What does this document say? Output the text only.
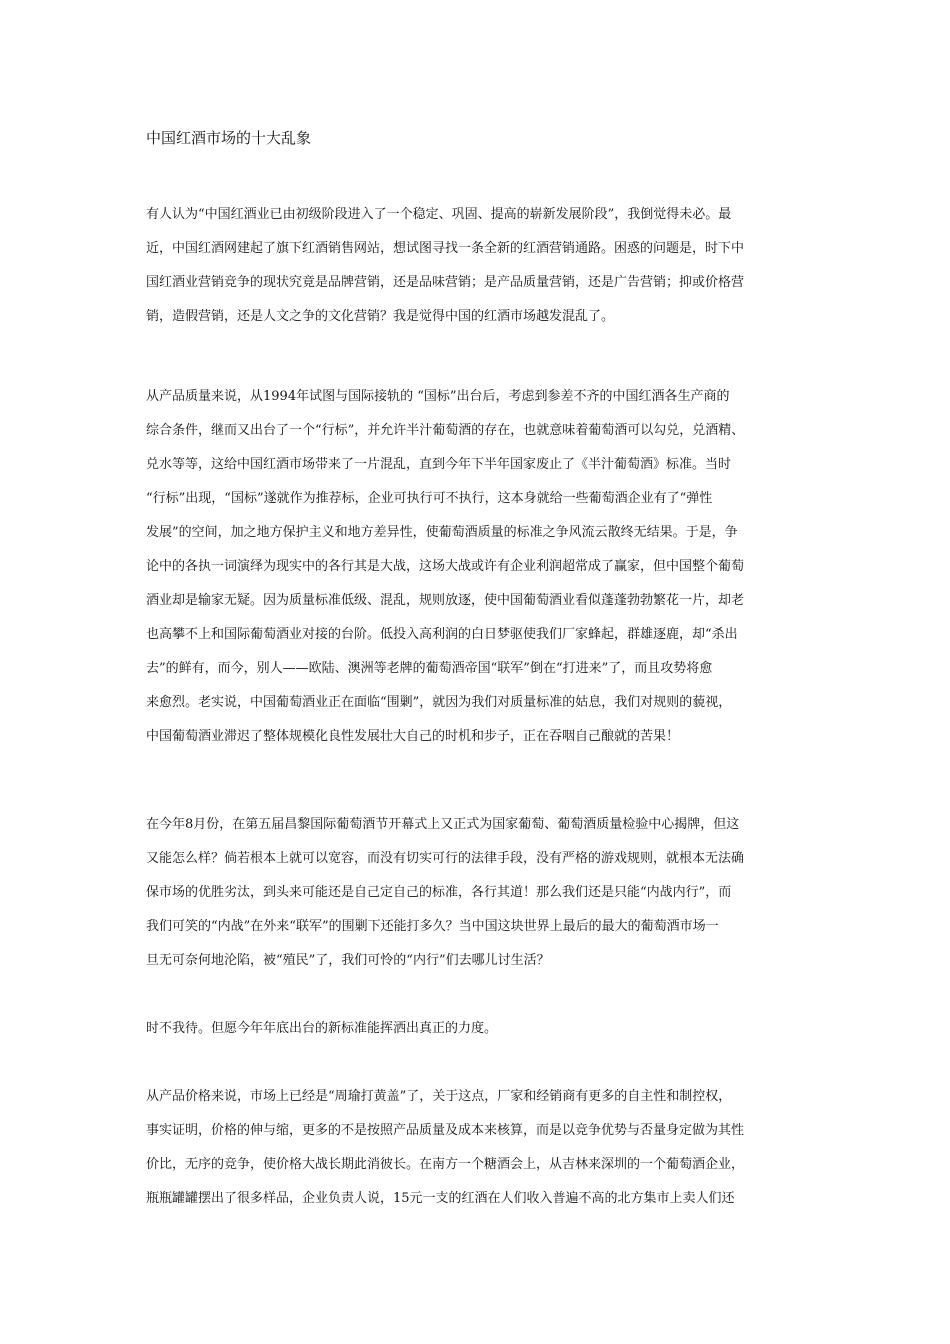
中国红酒市场的十大乱象
有人认为“中国红酒业已由初级阶段进入了一个稳定、巩固、提高的崭新发展阶段”，我倒觉得未必。最
近，中国红酒网建起了旗下红酒销售网站，想试图寻找一条全新的红酒营销通路。困惑的问题是，时下中
国红酒业营销竞争的现状究竟是品牌营销，还是品味营销；是产品质量营销，还是广告营销；抑或价格营
销，造假营销，还是人文之争的文化营销？我是觉得中国的红酒市场越发混乱了。
从产品质量来说，从1994年试图与国际接轨的 “国标”出台后，考虑到参差不齐的中国红酒各生产商的
综合条件，继而又出台了一个“行标”，并允许半汁葡萄酒的存在，也就意味着葡萄酒可以勾兑，兑酒精、
兑水等等，这给中国红酒市场带来了一片混乱，直到今年下半年国家废止了《半汁葡萄酒》标准。当时
“行标”出现，“国标”遂就作为推荐标，企业可执行可不执行，这本身就给一些葡萄酒企业有了“弹性
发展”的空间，加之地方保护主义和地方差异性，使葡萄酒质量的标准之争风流云散终无结果。于是，争
论中的各执一词演绎为现实中的各行其是大战，这场大战或许有企业利润超常成了赢家，但中国整个葡萄
酒业却是输家无疑。因为质量标准低级、混乱，规则放逐，使中国葡萄酒业看似蓬蓬勃勃繁花一片，却老
也高攀不上和国际葡萄酒业对接的台阶。低投入高利润的白日梦驱使我们厂家蜂起，群雄逐鹿，却“杀出
去”的鲜有，而今，别人——欧陆、澳洲等老牌的葡萄酒帝国“联军”倒在“打进来”了，而且攻势将愈
来愈烈。老实说，中国葡萄酒业正在面临“围剿”，就因为我们对质量标准的姑息，我们对规则的藐视，
中国葡萄酒业滞迟了整体规模化良性发展壮大自己的时机和步子，正在吞咽自己酿就的苦果！
在今年8月份，在第五届昌黎国际葡萄酒节开幕式上又正式为国家葡萄、葡萄酒质量检验中心揭牌，但这
又能怎么样？倘若根本上就可以宽容，而没有切实可行的法律手段，没有严格的游戏规则，就根本无法确
保市场的优胜劣汰，到头来可能还是自己定自己的标准，各行其道！那么我们还是只能“内战内行”，而
我们可笑的“内战”在外来“联军”的围剿下还能打多久？当中国这块世界上最后的最大的葡萄酒市场一
旦无可奈何地沦陷，被“殖民”了，我们可怜的“内行”们去哪儿讨生活？
时不我待。但愿今年年底出台的新标准能挥洒出真正的力度。
从产品价格来说，市场上已经是“周瑜打黄盖”了，关于这点，厂家和经销商有更多的自主性和制控权，
事实证明，价格的伸与缩，更多的不是按照产品质量及成本来核算，而是以竞争优势与否量身定做为其性
价比，无序的竞争，使价格大战长期此消彼长。在南方一个糖酒会上，从吉林来深圳的一个葡萄酒企业，
瓶瓶罐罐摆出了很多样品，企业负责人说，15元一支的红酒在人们收入普遍不高的北方集市上卖人们还
